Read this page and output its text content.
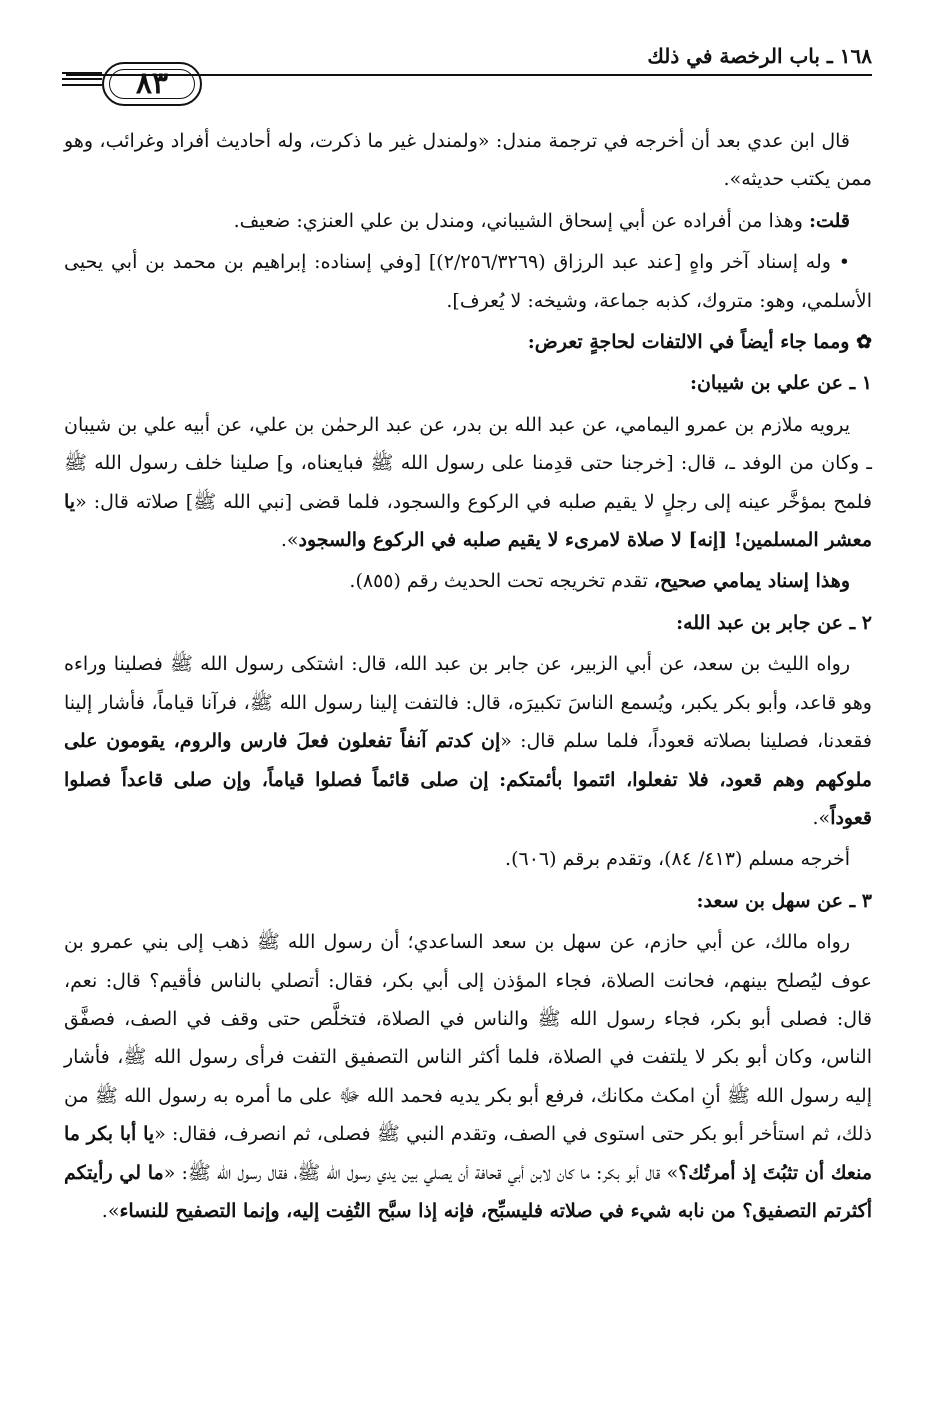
١٦٨ ـ باب الرخصة في ذلك
٨٣

قال ابن عدي بعد أن أخرجه في ترجمة مندل: «ولمندل غير ما ذكرت، وله أحاديث أفراد وغرائب، وهو ممن يكتب حديثه».

قلت: وهذا من أفراده عن أبي إسحاق الشيباني، ومندل بن علي العنزي: ضعيف.

• وله إسناد آخر واهٍ [عند عبد الرزاق (٢/٢٥٦/٣٢٦٩)] [وفي إسناده: إبراهيم بن محمد بن أبي يحيى الأسلمي، وهو: متروك، كذبه جماعة، وشيخه: لا يُعرف].

✿ ومما جاء أيضاً في الالتفات لحاجةٍ تعرض:

١ ـ عن علي بن شيبان:

يرويه ملازم بن عمرو اليمامي، عن عبد الله بن بدر، عن عبد الرحمٰن بن علي، عن أبيه علي بن شيبان ـ وكان من الوفد ـ، قال: [خرجنا حتى قدِمنا على رسول الله ﷺ فبايعناه، و] صلينا خلف رسول الله ﷺ فلمح بمؤخَّر عينه إلى رجلٍ لا يقيم صلبه في الركوع والسجود، فلما قضى [نبي الله ﷺ] صلاته قال: «يا معشر المسلمين! [إنه] لا صلاة لامرىء لا يقيم صلبه في الركوع والسجود».

وهذا إسناد يمامي صحيح، تقدم تخريجه تحت الحديث رقم (٨٥٥).

٢ ـ عن جابر بن عبد الله:

رواه الليث بن سعد، عن أبي الزبير، عن جابر بن عبد الله، قال: اشتكى رسول الله ﷺ فصلينا وراءه وهو قاعد، وأبو بكر يكبر، ويُسمع الناسَ تكبيرَه، قال: فالتفت إلينا رسول الله ﷺ، فرآنا قياماً، فأشار إلينا فقعدنا، فصلينا بصلاته قعوداً، فلما سلم قال: «إن كدتم آنفاً تفعلون فعلَ فارس والروم، يقومون على ملوكهم وهم قعود، فلا تفعلوا، ائتموا بأئمتكم: إن صلى قائماً فصلوا قياماً، وإن صلى قاعداً فصلوا قعوداً».

أخرجه مسلم (٤١٣/ ٨٤)، وتقدم برقم (٦٠٦).

٣ ـ عن سهل بن سعد:

رواه مالك، عن أبي حازم، عن سهل بن سعد الساعدي؛ أن رسول الله ﷺ ذهب إلى بني عمرو بن عوف ليُصلح بينهم، فحانت الصلاة، فجاء المؤذن إلى أبي بكر، فقال: أتصلي بالناس فأقيم؟ قال: نعم، قال: فصلى أبو بكر، فجاء رسول الله ﷺ والناس في الصلاة، فتخلَّص حتى وقف في الصف، فصفَّق الناس، وكان أبو بكر لا يلتفت في الصلاة، فلما أكثر الناس التصفيق التفت فرأى رسول الله ﷺ، فأشار إليه رسول الله ﷺ أنِ امكث مكانك، فرفع أبو بكر يديه فحمد الله ﷻ على ما أمره به رسول الله ﷺ من ذلك، ثم استأخر أبو بكر حتى استوى في الصف، وتقدم النبي ﷺ فصلى، ثم انصرف، فقال: «يا أبا بكر ما منعك أن تثبُتَ إذ أمرتُك؟» قال أبو بكر: ما كان لابن أبي قحافة أن يصلي بين يدي رسول الله ﷺ، فقال رسول الله ﷺ: «ما لي رأيتكم أكثرتم التصفيق؟ من نابه شيء في صلاته فليسبِّح، فإنه إذا سبَّح التُفِت إليه، وإنما التصفيح للنساء».
